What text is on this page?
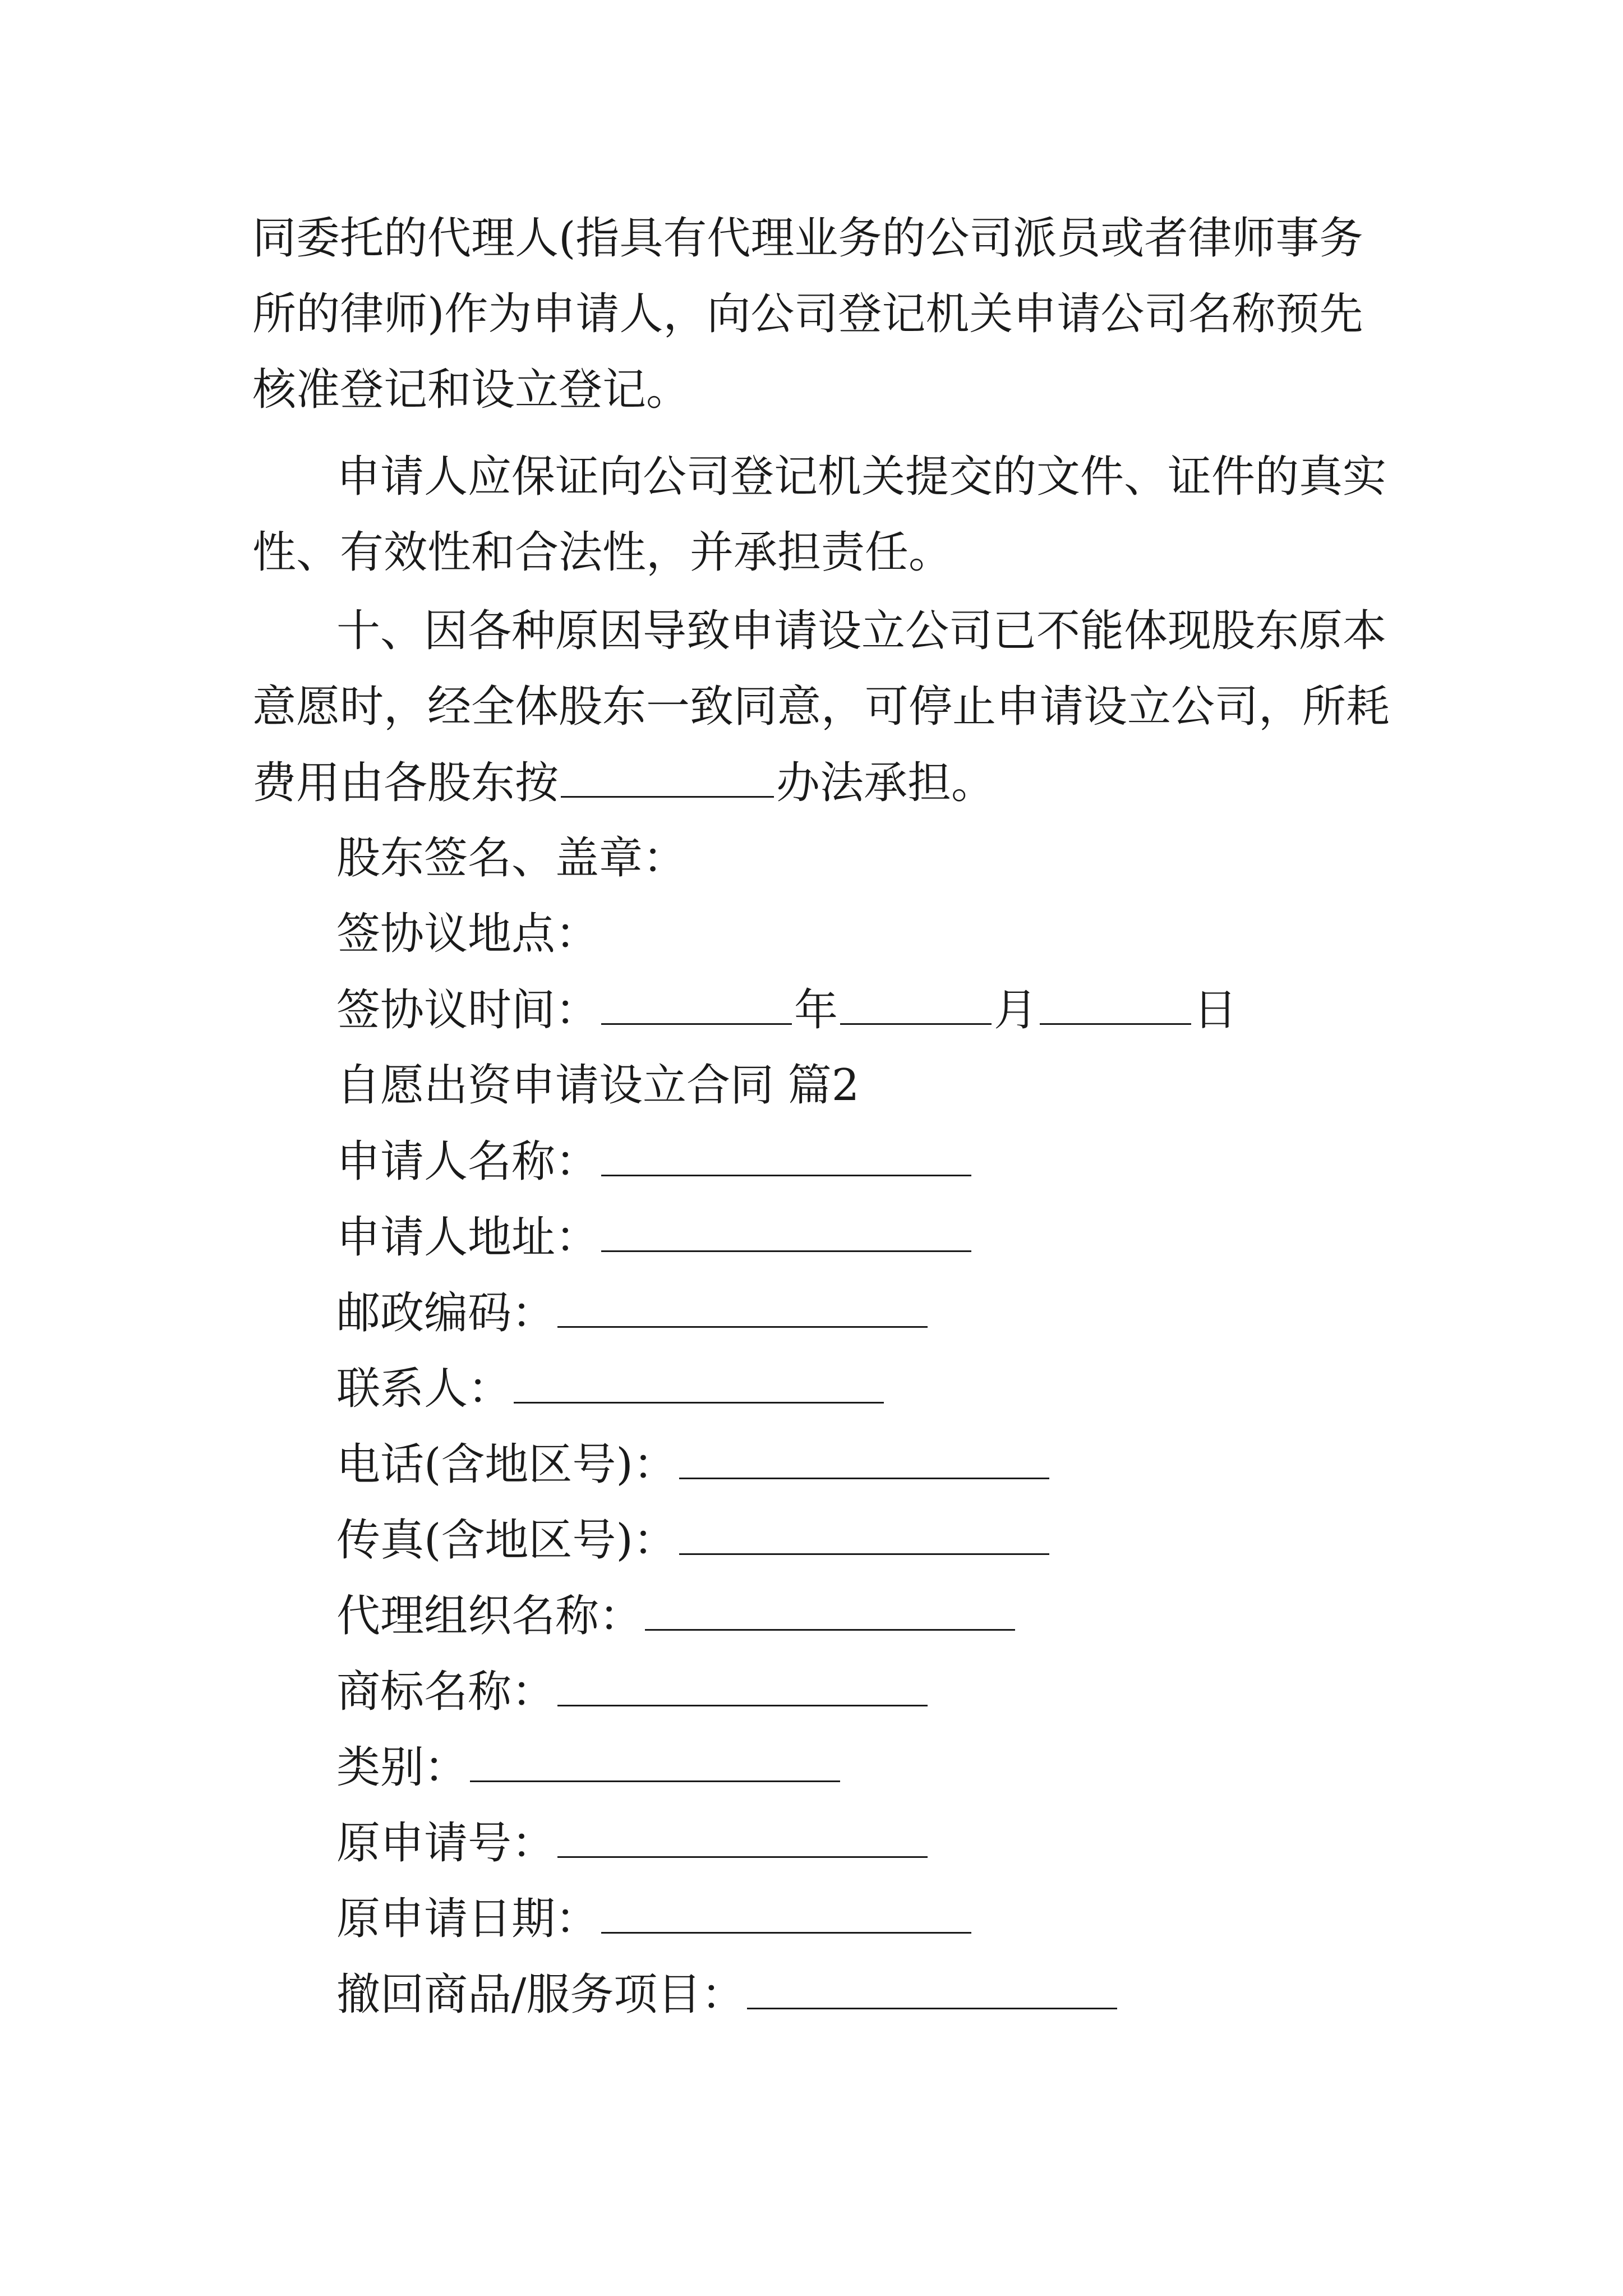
同委托的代理人(指具有代理业务的公司派员或者律师事务
所的律师)作为申请人，向公司登记机关申请公司名称预先
核准登记和设立登记。
申请人应保证向公司登记机关提交的文件、证件的真实
性、有效性和合法性，并承担责任。
十、因各种原因导致申请设立公司已不能体现股东原本
意愿时，经全体股东一致同意，可停止申请设立公司，所耗
费用由各股东按	办法承担。
股东签名、盖章：
签协议地点：
签协议时间：	年	月	日
自愿出资申请设立合同 篇2
申请人名称：
申请人地址：
邮政编码：
联系人：
电话(含地区号)：
传真(含地区号)：
代理组织名称：
商标名称：
类别：
原申请号：
原申请日期：
撤回商品/服务项目：
